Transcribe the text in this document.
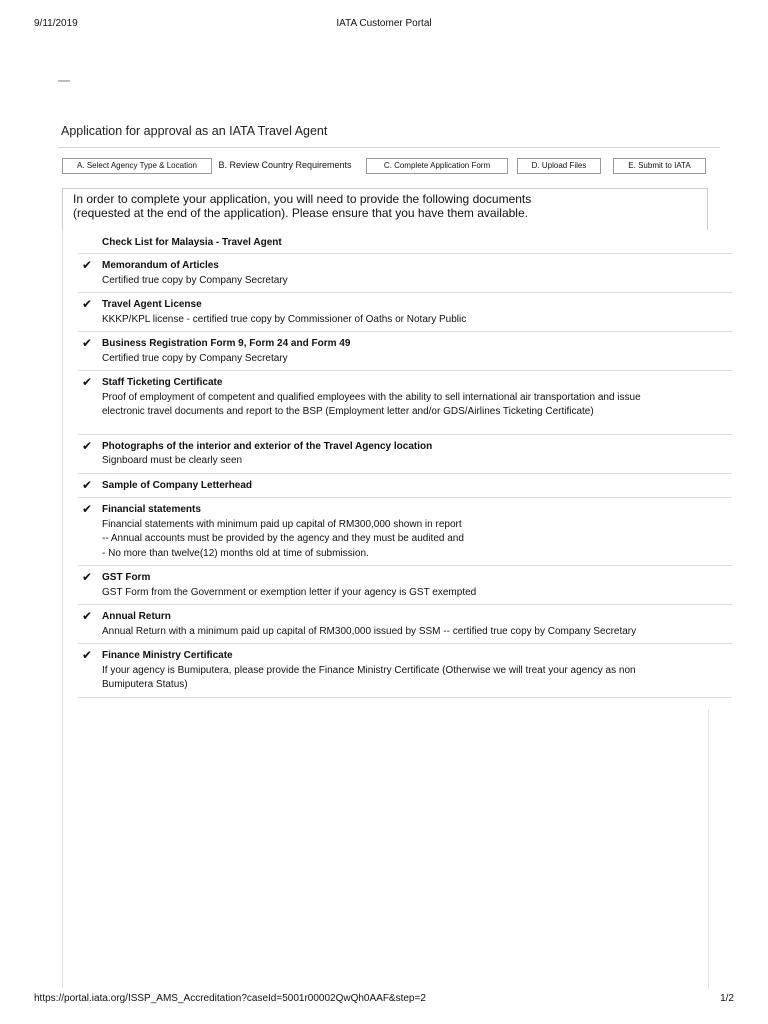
9/11/2019	IATA Customer Portal
Application for approval as an IATA Travel Agent
A. Select Agency Type & Location	B. Review Country Requirements	C. Complete Application Form	D. Upload Files	E. Submit to IATA
In order to complete your application, you will need to provide the following documents
(requested at the end of the application). Please ensure that you have them available.
Check List for Malaysia - Travel Agent
✔ Memorandum of Articles
Certified true copy by Company Secretary
✔ Travel Agent License
KKKP/KPL license - certified true copy by Commissioner of Oaths or Notary Public
✔ Business Registration Form 9, Form 24 and Form 49
Certified true copy by Company Secretary
✔ Staff Ticketing Certificate
Proof of employment of competent and qualified employees with the ability to sell international air transportation and issue
electronic travel documents and report to the BSP (Employment letter and/or GDS/Airlines Ticketing Certificate)
✔ Photographs of the interior and exterior of the Travel Agency location
Signboard must be clearly seen
✔ Sample of Company Letterhead
✔ Financial statements
Financial statements with minimum paid up capital of RM300,000 shown in report
-- Annual accounts must be provided by the agency and they must be audited and
- No more than twelve(12) months old at time of submission.
✔ GST Form
GST Form from the Government or exemption letter if your agency is GST exempted
✔ Annual Return
Annual Return with a minimum paid up capital of RM300,000 issued by SSM -- certified true copy by Company Secretary
✔ Finance Ministry Certificate
If your agency is Bumiputera, please provide the Finance Ministry Certificate (Otherwise we will treat your agency as non
Bumiputera Status)
https://portal.iata.org/ISSP_AMS_Accreditation?caseId=5001r00002QwQh0AAF&step=2	1/2
